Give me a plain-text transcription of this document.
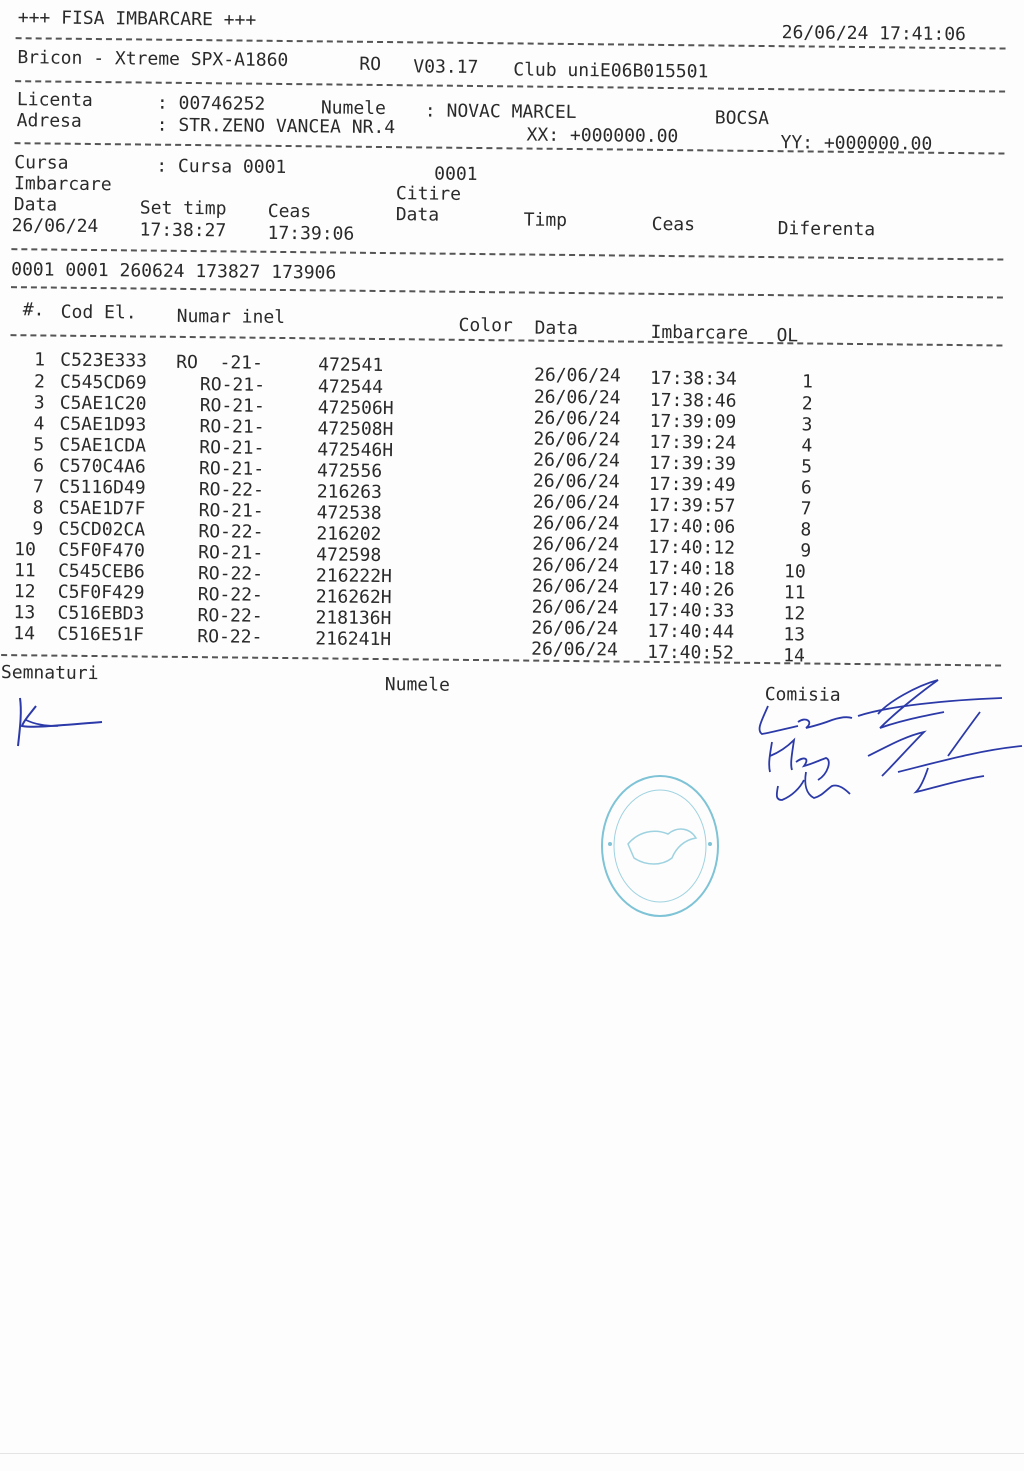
+++ FISA IMBARCARE +++
26/06/24 17:41:06
Bricon - Xtreme SPX-A1860	RO V03.17 Club uniE06B015501
Licenta	: 00746252	Numele : NOVAC MARCEL	BOCSA
Adresa	: STR.ZENO VANCEA NR.4	XX: +000000.00	YY: +000000.00
Cursa	: Cursa 0001	0001
Imbarcare	Citire
Data	Set timp Ceas	Data	Timp	Ceas	Diferenta
26/06/24 17:38:27 17:39:06
0001 0001 260624 173827 173906
#. Cod El. Numar inel	Color Data	Imbarcare OL
1 C523E333 RO  -21-	472541	26/06/24 17:38:34	1
2 C545CD69	RO-21-	472544	26/06/24 17:38:46	2
3 C5AE1C20	RO-21-	472506H	26/06/24 17:39:09	3
4 C5AE1D93	RO-21-	472508H	26/06/24 17:39:24	4
5 C5AE1CDA	RO-21-	472546H	26/06/24 17:39:39	5
6 C570C4A6	RO-21-	472556	26/06/24 17:39:49	6
7 C5116D49	RO-22-	216263	26/06/24 17:39:57	7
8 C5AE1D7F	RO-21-	472538	26/06/24 17:40:06	8
9 C5CD02CA	RO-22-	216202	26/06/24 17:40:12	9
10 C5F0F470	RO-21-	472598	26/06/24 17:40:18	10
11 C545CEB6	RO-22-	216222H	26/06/24 17:40:26	11
12 C5F0F429	RO-22-	216262H	26/06/24 17:40:33	12
13 C516EBD3	RO-22-	218136H	26/06/24 17:40:44	13
14 C516E51F	RO-22-	216241H	26/06/24 17:40:52	14
Semnaturi
Numele	Comisia
